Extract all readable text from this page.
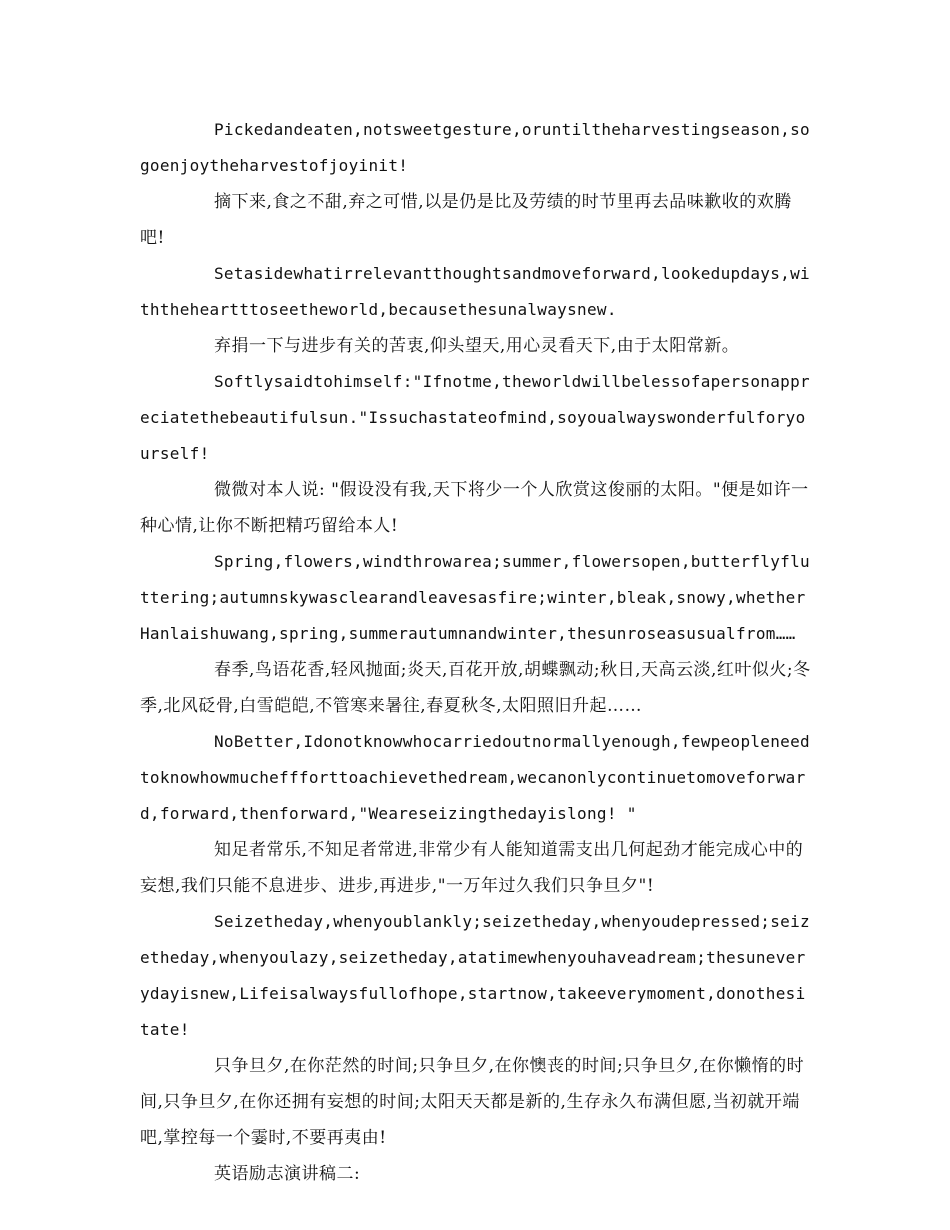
Pickedandeaten,notsweetgesture,oruntiltheharvestingseason,sogoenjoytheharvestofjoyinit!

摘下来,食之不甜,弃之可惜,以是仍是比及劳绩的时节里再去品味歉收的欢腾吧!

Setasidewhatirrelevantthoughtsandmoveforward,lookedupdays,withtheheartttoseetheworld,becausethesunalwaysnew.

弃捐一下与进步有关的苦衷,仰头望天,用心灵看天下,由于太阳常新。

Softlysaidtohimself:"Ifnotme,theworldwillbelessofapersonappreciatethebeautifulsun."Issuchastateofmind,soyoualwayswonderfulforyourself!

微微对本人说: "假设没有我,天下将少一个人欣赏这俊丽的太阳。"便是如许一种心情,让你不断把精巧留给本人!

Spring,flowers,windthrowarea;summer,flowersopen,butterflyfluttering;autumnskywasclearandleavesasfire;winter,bleak,snowy,whetherHanlaishuwang,spring,summerautumnandwinter,thesunroseasusualfrom……

春季,鸟语花香,轻风抛面;炎天,百花开放,胡蝶飘动;秋日,天高云淡,红叶似火;冬季,北风砭骨,白雪皑皑,不管寒来暑往,春夏秋冬,太阳照旧升起……

NoBetter,Idonotknowwhocarriedoutnormallyenough,fewpeopleneedtoknowhowmucheffforttoachievethedream,wecanonlycontinuetomoveforward,forward,thenforward,"Weareseizingthedayislong! "

知足者常乐,不知足者常进,非常少有人能知道需支出几何起劲才能完成心中的妄想,我们只能不息进步、进步,再进步,"一万年过久我们只争旦夕"!

Seizetheday,whenyoublankly;seizetheday,whenyoudepressed;seizetheday,whenyoulazy,seizetheday,atatimewhenyouhaveadream;thesuneverydayisnew,Lifeisalwaysfullofhope,startnow,takeeverymoment,donothesitate!

只争旦夕,在你茫然的时间;只争旦夕,在你懊丧的时间;只争旦夕,在你懒惰的时间,只争旦夕,在你还拥有妄想的时间;太阳天天都是新的,生存永久布满但愿,当初就开端吧,掌控每一个霎时,不要再夷由!

英语励志演讲稿二:
